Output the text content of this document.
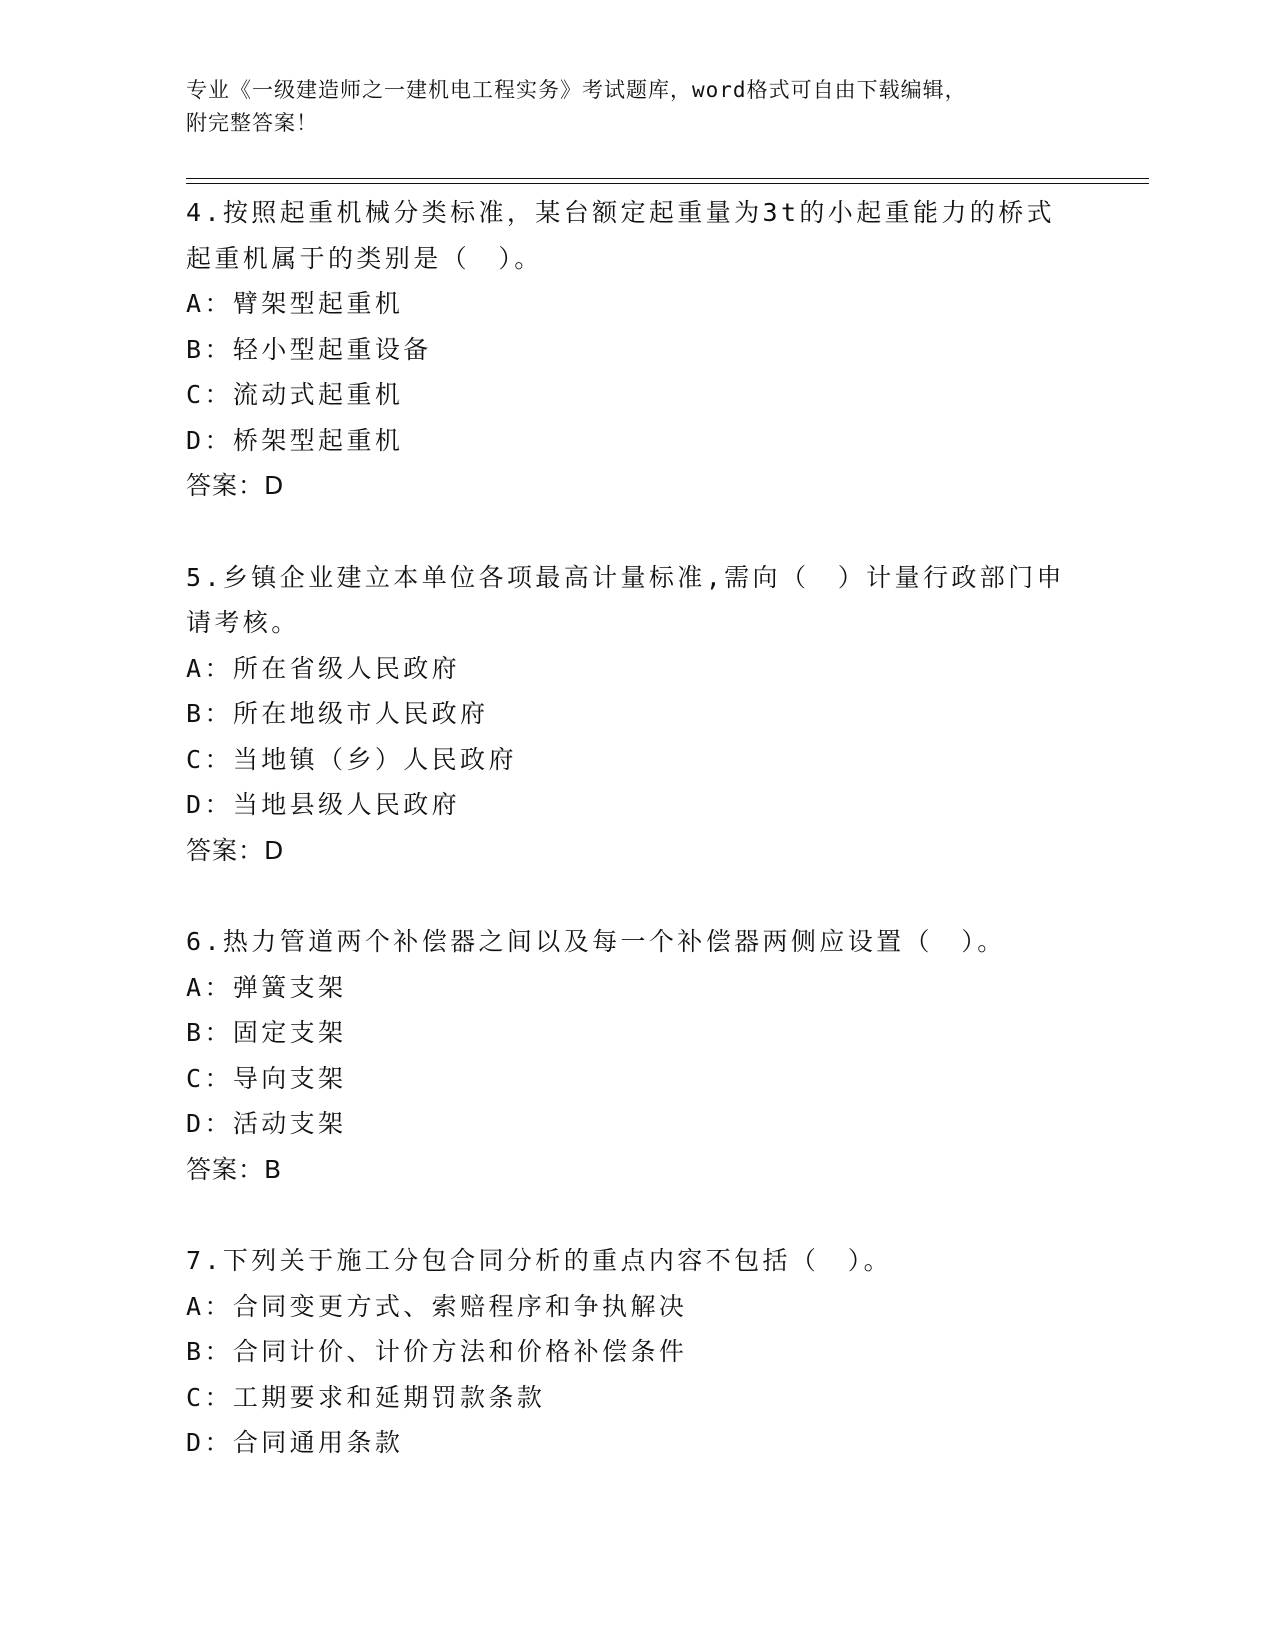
专业《一级建造师之一建机电工程实务》考试题库，word格式可自由下载编辑，
附完整答案！

4.按照起重机械分类标准，某台额定起重量为3t的小起重能力的桥式

起重机属于的类别是（　）。

A：臂架型起重机

B：轻小型起重设备

C：流动式起重机

D：桥架型起重机

答案：D

5.乡镇企业建立本单位各项最高计量标准,需向（　）计量行政部门申

请考核。

A：所在省级人民政府

B：所在地级市人民政府

C：当地镇（乡）人民政府

D：当地县级人民政府

答案：D

6.热力管道两个补偿器之间以及每一个补偿器两侧应设置（　）。

A：弹簧支架

B：固定支架

C：导向支架

D：活动支架

答案：B

7.下列关于施工分包合同分析的重点内容不包括（　）。

A：合同变更方式、索赔程序和争执解决

B：合同计价、计价方法和价格补偿条件

C：工期要求和延期罚款条款

D：合同通用条款
